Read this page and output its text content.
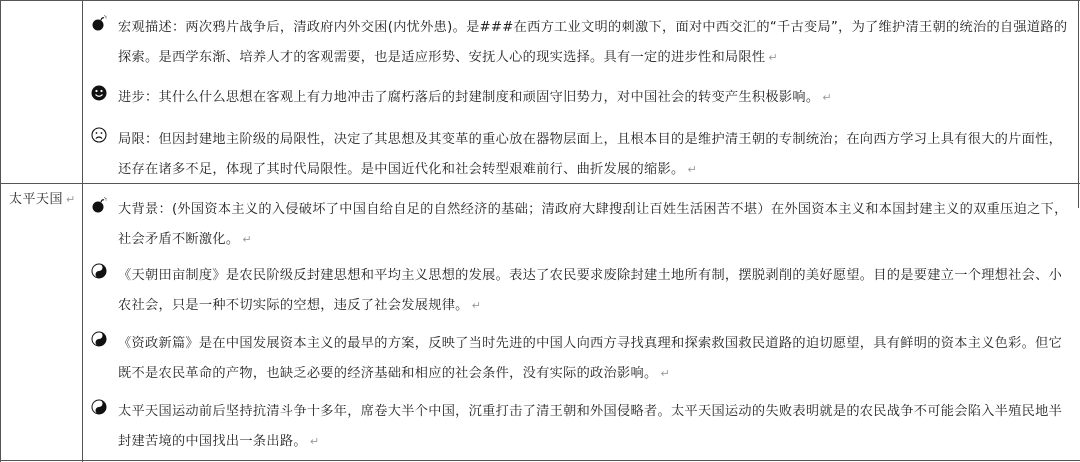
宏观描述：两次鸦片战争后，清政府内外交困(内忧外患)。是###在西方工业文明的刺激下，面对中西交汇的“千古变局”，为了维护清王朝的统治的自强道路的探索。是西学东渐、培养人才的客观需要，也是适应形势、安抚人心的现实选择。具有一定的进步性和局限性 ↵
进步：其什么什么思想在客观上有力地冲击了腐朽落后的封建制度和顽固守旧势力，对中国社会的转变产生积极影响。 ↵
局限：但因封建地主阶级的局限性，决定了其思想及其变革的重心放在器物层面上，且根本目的是维护清王朝的专制统治；在向西方学习上具有很大的片面性，还存在诸多不足，体现了其时代局限性。是中国近代化和社会转型艰难前行、曲折发展的缩影。 ↵
太平天国 ↵
大背景：(外国资本主义的入侵破坏了中国自给自足的自然经济的基础；清政府大肆搜刮让百姓生活困苦不堪）在外国资本主义和本国封建主义的双重压迫之下，社会矛盾不断激化。 ↵
《天朝田亩制度》是农民阶级反封建思想和平均主义思想的发展。表达了农民要求废除封建土地所有制，摆脱剥削的美好愿望。目的是要建立一个理想社会、小农社会，只是一种不切实际的空想，违反了社会发展规律。 ↵
《资政新篇》是在中国发展资本主义的最早的方案，反映了当时先进的中国人向西方寻找真理和探索救国救民道路的迫切愿望，具有鲜明的资本主义色彩。但它既不是农民革命的产物，也缺乏必要的经济基础和相应的社会条件，没有实际的政治影响。 ↵
太平天国运动前后坚持抗清斗争十多年，席卷大半个中国，沉重打击了清王朝和外国侵略者。太平天国运动的失败表明就是的农民战争不可能会陷入半殖民地半封建苦境的中国找出一条出路。 ↵
